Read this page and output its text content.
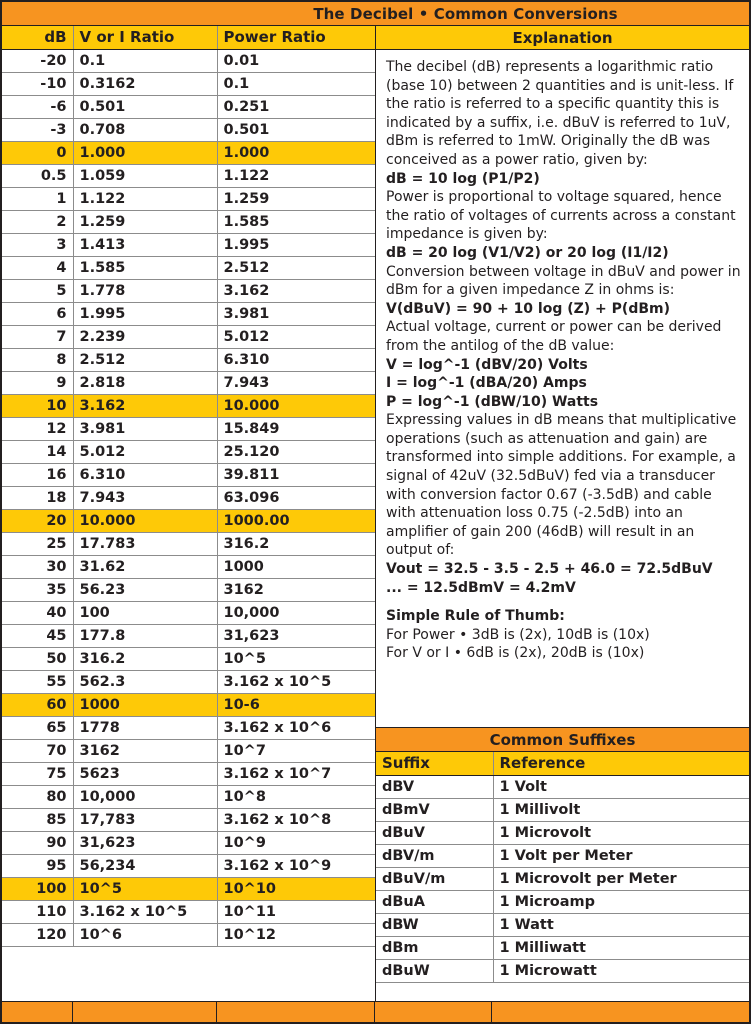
The Decibel • Common Conversions
dB	V or I Ratio	Power Ratio
-20	0.1	0.01
-10	0.3162	0.1
-6	0.501	0.251
-3	0.708	0.501
0	1.000	1.000
0.5	1.059	1.122
1	1.122	1.259
2	1.259	1.585
3	1.413	1.995
4	1.585	2.512
5	1.778	3.162
6	1.995	3.981
7	2.239	5.012
8	2.512	6.310
9	2.818	7.943
10	3.162	10.000
12	3.981	15.849
14	5.012	25.120
16	6.310	39.811
18	7.943	63.096
20	10.000	1000.00
25	17.783	316.2
30	31.62	1000
35	56.23	3162
40	100	10,000
45	177.8	31,623
50	316.2	10^5
55	562.3	3.162 x 10^5
60	1000	10-6
65	1778	3.162 x 10^6
70	3162	10^7
75	5623	3.162 x 10^7
80	10,000	10^8
85	17,783	3.162 x 10^8
90	31,623	10^9
95	56,234	3.162 x 10^9
100	10^5	10^10
110	3.162 x 10^5	10^11
120	10^6	10^12
Explanation

The decibel (dB) represents a logarithmic ratio (base 10) between 2 quantities and is unit-less. If the ratio is referred to a specific quantity this is indicated by a suffix, i.e. dBuV is referred to 1uV, dBm is referred to 1mW. Originally the dB was conceived as a power ratio, given by:

dB = 10 log (P1/P2)

Power is proportional to voltage squared, hence the ratio of voltages of currents across a constant impedance is given by:

dB = 20 log (V1/V2) or 20 log (I1/I2)

Conversion between voltage in dBuV and power in dBm for a given impedance Z in ohms is:

V(dBuV) = 90 + 10 log (Z) + P(dBm)

Actual voltage, current or power can be derived from the antilog of the dB value:

V = log^-1 (dBV/20) Volts

I = log^-1 (dBA/20) Amps

P = log^-1 (dBW/10) Watts

Expressing values in dB means that multiplicative operations (such as attenuation and gain) are transformed into simple additions. For example, a signal of 42uV (32.5dBuV) fed via a transducer with conversion factor 0.67 (-3.5dB) and cable with attenuation loss 0.75 (-2.5dB) into an amplifier of gain 200 (46dB) will result in an output of:

Vout = 32.5 - 3.5 - 2.5 + 46.0 = 72.5dBuV

... = 12.5dBmV = 4.2mV

Simple Rule of Thumb:

For Power • 3dB is (2x), 10dB is (10x)

For V or I • 6dB is (2x), 20dB is (10x)

Common Suffixes
Suffix	Reference
dBV	1 Volt
dBmV	1 Millivolt
dBuV	1 Microvolt
dBV/m	1 Volt per Meter
dBuV/m	1 Microvolt per Meter
dBuA	1 Microamp
dBW	1 Watt
dBm	1 Milliwatt
dBuW	1 Microwatt
